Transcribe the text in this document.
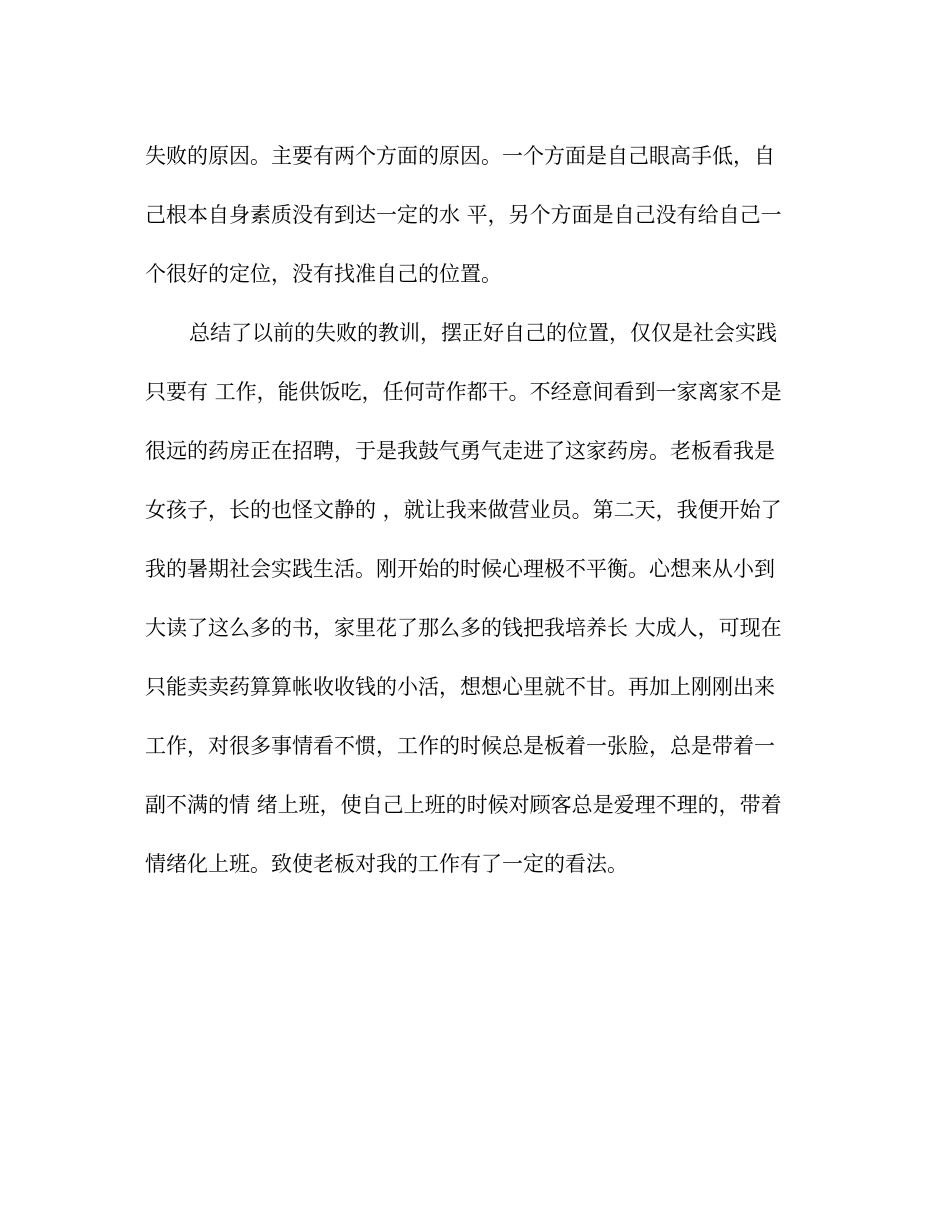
失败的原因。主要有两个方面的原因。一个方面是自己眼高手低，自
己根本自身素质没有到达一定的水 平，另个方面是自己没有给自己一
个很好的定位，没有找准自己的位置。
总结了以前的失败的教训，摆正好自己的位置，仅仅是社会实践
只要有 工作，能供饭吃，任何苛作都干。不经意间看到一家离家不是
很远的药房正在招聘，于是我鼓气勇气走进了这家药房。老板看我是
女孩子，长的也怪文静的 ，就让我来做营业员。第二天，我便开始了
我的暑期社会实践生活。刚开始的时候心理极不平衡。心想来从小到
大读了这么多的书，家里花了那么多的钱把我培养长 大成人，可现在
只能卖卖药算算帐收收钱的小活，想想心里就不甘。再加上刚刚出来
工作，对很多事情看不惯，工作的时候总是板着一张脸，总是带着一
副不满的情 绪上班，使自己上班的时候对顾客总是爱理不理的，带着
情绪化上班。致使老板对我的工作有了一定的看法。
